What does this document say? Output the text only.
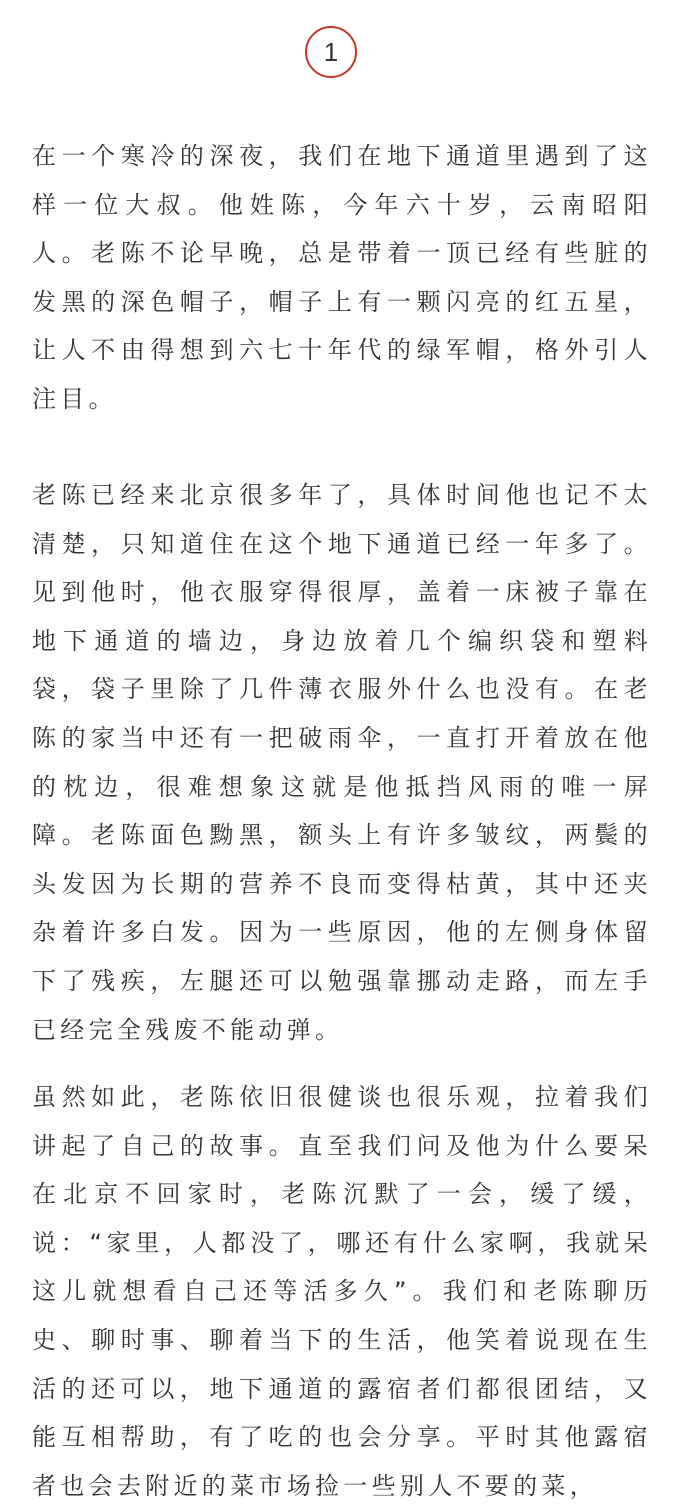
1

在一个寒冷的深夜，我们在地下通道里遇到了这样一位大叔。他姓陈，今年六十岁，云南昭阳人。老陈不论早晚，总是带着一顶已经有些脏的发黑的深色帽子，帽子上有一颗闪亮的红五星，让人不由得想到六七十年代的绿军帽，格外引人注目。

老陈已经来北京很多年了，具体时间他也记不太清楚，只知道住在这个地下通道已经一年多了。见到他时，他衣服穿得很厚，盖着一床被子靠在地下通道的墙边，身边放着几个编织袋和塑料袋，袋子里除了几件薄衣服外什么也没有。在老陈的家当中还有一把破雨伞，一直打开着放在他的枕边，很难想象这就是他抵挡风雨的唯一屏障。老陈面色黝黑，额头上有许多皱纹，两鬓的头发因为长期的营养不良而变得枯黄，其中还夹杂着许多白发。因为一些原因，他的左侧身体留下了残疾，左腿还可以勉强靠挪动走路，而左手已经完全残废不能动弹。

虽然如此，老陈依旧很健谈也很乐观，拉着我们讲起了自己的故事。直至我们问及他为什么要呆在北京不回家时，老陈沉默了一会，缓了缓，说：“家里，人都没了，哪还有什么家啊，我就呆这儿就想看自己还等活多久”。我们和老陈聊历史、聊时事、聊着当下的生活，他笑着说现在生活的还可以，地下通道的露宿者们都很团结，又能互相帮助，有了吃的也会分享。平时其他露宿者也会去附近的菜市场捡一些别人不要的菜，
